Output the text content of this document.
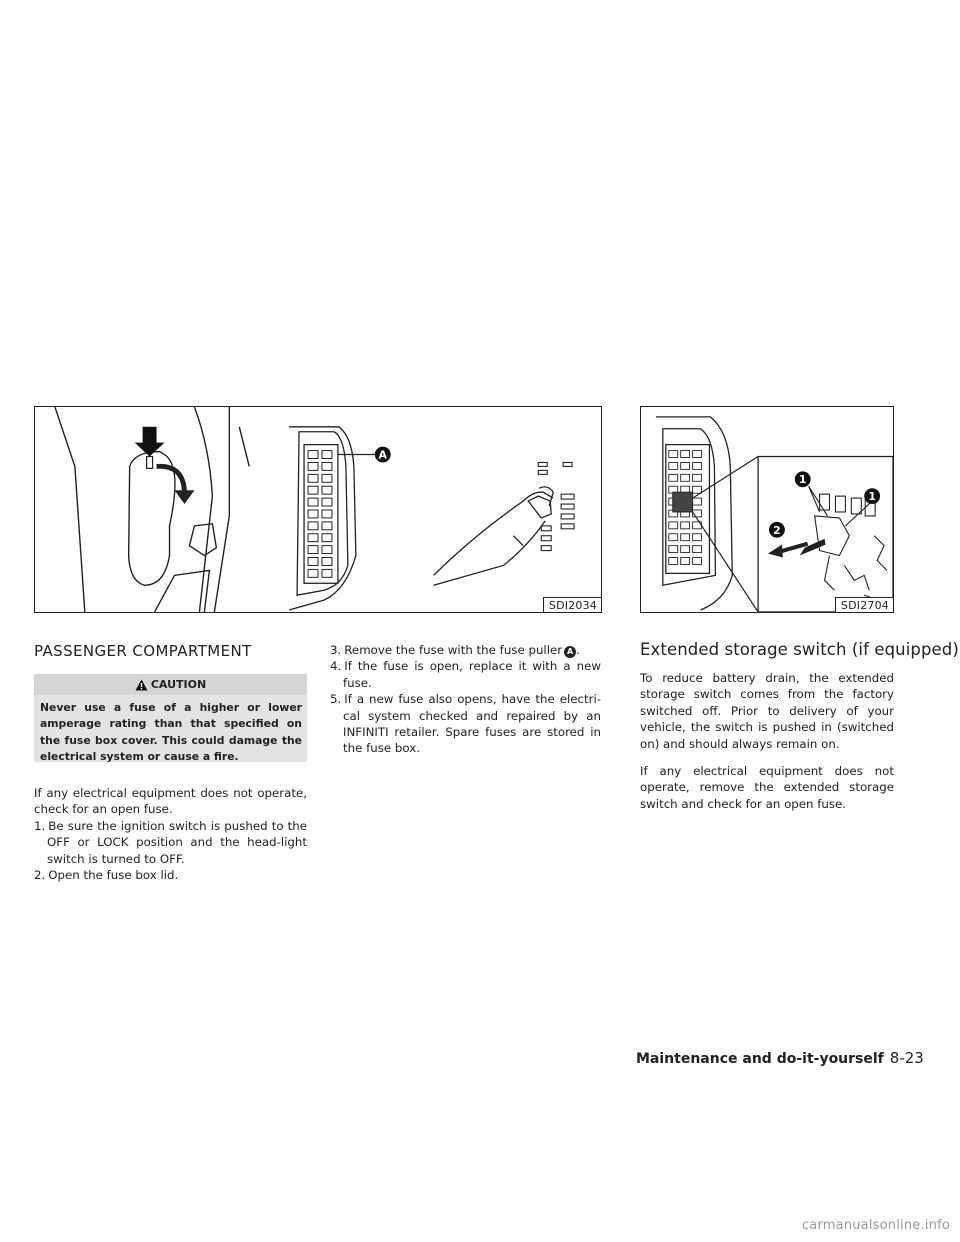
A
SDI2034
1
1
2
SDI2704
PASSENGER COMPARTMENT
CAUTION
Never use a fuse of a higher or lower amperage rating than that specified on the fuse box cover. This could damage the electrical system or cause a fire.

If any electrical equipment does not operate, check for an open fuse.

1. Be sure the ignition switch is pushed to the OFF or LOCK position and the head-light switch is turned to OFF.
2. Open the fuse box lid.
3. Remove the fuse with the fuse puller A .
4. If the fuse is open, replace it with a new fuse.
5. If a new fuse also opens, have the electri-cal system checked and repaired by an INFINITI retailer. Spare fuses are stored in the fuse box.
Extended storage switch (if equipped)

To reduce battery drain, the extended storage switch comes from the factory switched off. Prior to delivery of your vehicle, the switch is pushed in (switched on) and should always remain on.

If any electrical equipment does not operate, remove the extended storage switch and check for an open fuse.

Maintenance and do-it-yourself 8-23
carmanualsonline.info
